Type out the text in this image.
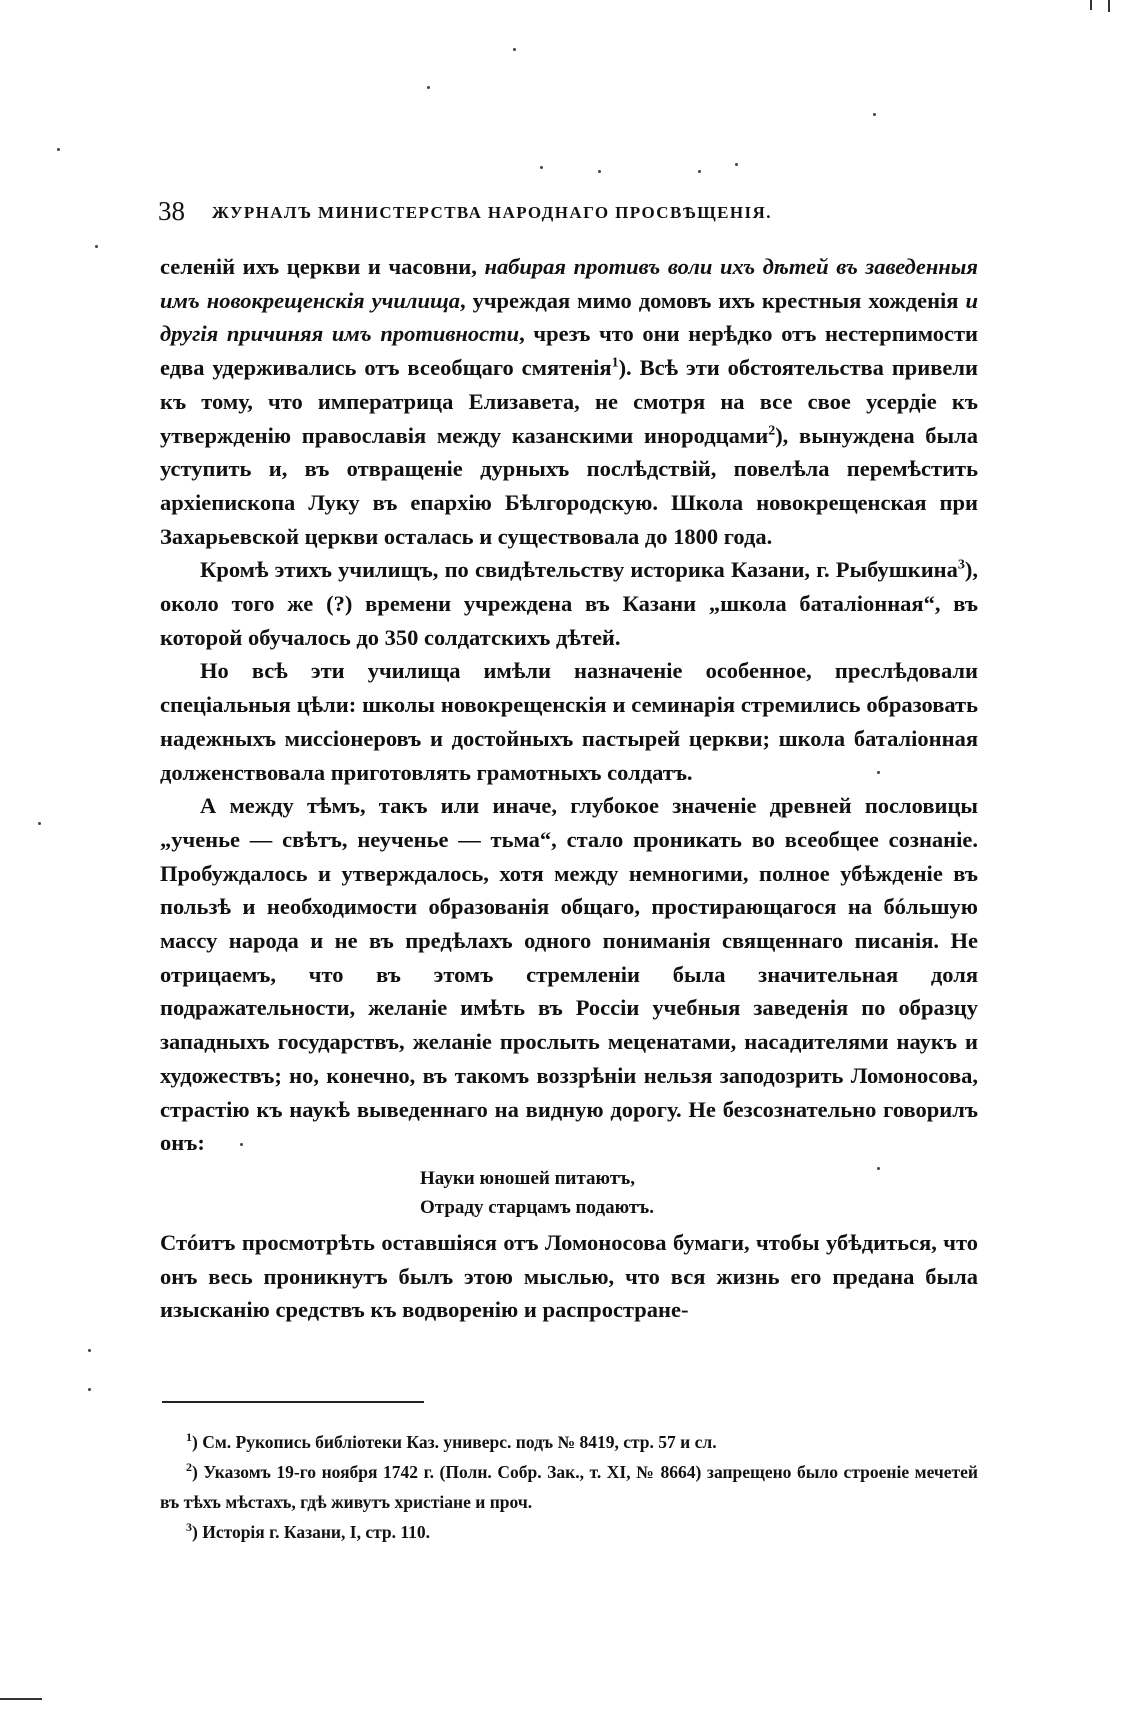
38 ЖУРНАЛЪ МИНИСТЕРСТВА НАРОДНАГО ПРОСВѢЩЕНІЯ.

селеній ихъ церкви и часовни, набирая противъ воли ихъ дѣтей въ заведенныя имъ новокрещенскія училища, учреждая мимо домовъ ихъ крестныя хожденія и другія причиняя имъ противности, чрезъ что они нерѣдко отъ нестерпимости едва удерживались отъ всеобщаго смятенія$^1$). Всѣ эти обстоятельства привели къ тому, что императрица Елизавета, не смотря на все свое усердіе къ утвержденію православія между казанскими инородцами$^2$), вынуждена была уступить и, въ отвращеніе дурныхъ послѣдствій, повелѣла перемѣстить архіепископа Луку въ епархію Бѣлгородскую. Школа новокрещенская при Захарьевской церкви осталась и существовала до 1800 года.

Кромѣ этихъ училищъ, по свидѣтельству историка Казани, г. Рыбушкина$^3$), около того же (?) времени учреждена въ Казани „школа баталіонная“, въ которой обучалось до 350 солдатскихъ дѣтей.

Но всѣ эти училища имѣли назначеніе особенное, преслѣдовали спеціальныя цѣли: школы новокрещенскія и семинарія стремились образовать надежныхъ миссіонеровъ и достойныхъ пастырей церкви; школа баталіонная долженствовала приготовлять грамотныхъ солдатъ.

А между тѣмъ, такъ или иначе, глубокое значеніе древней пословицы „ученье — свѣтъ, неученье — тьма“, стало проникать во всеобщее сознаніе. Пробуждалось и утверждалось, хотя между немногими, полное убѣжденіе въ пользѣ и необходимости образованія общаго, простирающагося на бóльшую массу народа и не въ предѣлахъ одного пониманія священнаго писанія. Не отрицаемъ, что въ этомъ стремленіи была значительная доля подражательности, желаніе имѣть въ Россіи учебныя заведенія по образцу западныхъ государствъ, желаніе прослыть меценатами, насадителями наукъ и художествъ; но, конечно, въ такомъ воззрѣніи нельзя заподозрить Ломоносова, страстію къ наукѣ выведеннаго на видную дорогу. Не безсознательно говорилъ онъ:

Науки юношей питаютъ,
Отраду старцамъ подаютъ.

Стóитъ просмотрѣть оставшіяся отъ Ломоносова бумаги, чтобы убѣдиться, что онъ весь проникнутъ былъ этою мыслью, что вся жизнь его предана была изысканію средствъ къ водворенію и распростране-

$^1$) См. Рукопись библіотеки Каз. универс. подъ № 8419, стр. 57 и сл.

$^2$) Указомъ 19-го ноября 1742 г. (Полн. Собр. Зак., т. XI, № 8664) запрещено было строеніе мечетей въ тѣхъ мѣстахъ, гдѣ живутъ христіане и проч.

$^3$) Исторія г. Казани, I, стр. 110.
